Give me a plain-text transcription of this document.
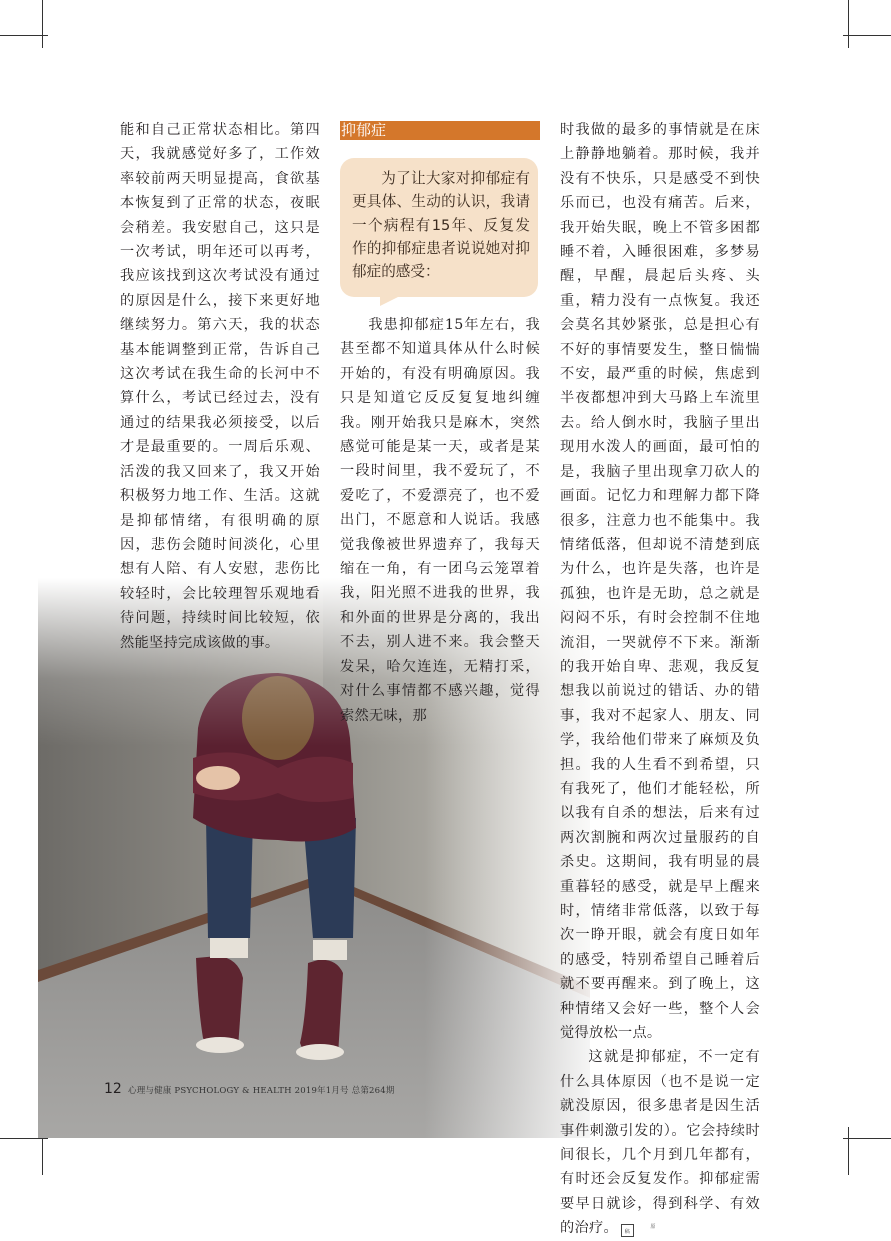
能和自己正常状态相比。第四天，我就感觉好多了，工作效率较前两天明显提高，食欲基本恢复到了正常的状态，夜眠会稍差。我安慰自己，这只是一次考试，明年还可以再考，我应该找到这次考试没有通过的原因是什么，接下来更好地继续努力。第六天，我的状态基本能调整到正常，告诉自己这次考试在我生命的长河中不算什么，考试已经过去，没有通过的结果我必须接受，以后才是最重要的。一周后乐观、活泼的我又回来了，我又开始积极努力地工作、生活。这就是抑郁情绪，有很明确的原因，悲伤会随时间淡化，心里想有人陪、有人安慰，悲伤比较轻时，会比较理智乐观地看待问题，持续时间比较短，依然能坚持完成该做的事。

抑郁症
为了让大家对抑郁症有更具体、生动的认识，我请一个病程有15年、反复发作的抑郁症患者说说她对抑郁症的感受：

我患抑郁症15年左右，我甚至都不知道具体从什么时候开始的，有没有明确原因。我只是知道它反反复复地纠缠我。刚开始我只是麻木，突然感觉可能是某一天，或者是某一段时间里，我不爱玩了，不爱吃了，不爱漂亮了，也不爱出门，不愿意和人说话。我感觉我像被世界遗弃了，我每天缩在一角，有一团乌云笼罩着我，阳光照不进我的世界，我和外面的世界是分离的，我出不去，别人进不来。我会整天发呆，哈欠连连，无精打采，对什么事情都不感兴趣，觉得索然无味，那

时我做的最多的事情就是在床上静静地躺着。那时候，我并没有不快乐，只是感受不到快乐而已，也没有痛苦。后来，我开始失眠，晚上不管多困都睡不着，入睡很困难，多梦易醒，早醒，晨起后头疼、头重，精力没有一点恢复。我还会莫名其妙紧张，总是担心有不好的事情要发生，整日惴惴不安，最严重的时候，焦虑到半夜都想冲到大马路上车流里去。给人倒水时，我脑子里出现用水泼人的画面，最可怕的是，我脑子里出现拿刀砍人的画面。记忆力和理解力都下降很多，注意力也不能集中。我情绪低落，但却说不清楚到底为什么，也许是失落，也许是孤独，也许是无助，总之就是闷闷不乐，有时会控制不住地流泪，一哭就停不下来。渐渐的我开始自卑、悲观，我反复想我以前说过的错话、办的错事，我对不起家人、朋友、同学，我给他们带来了麻烦及负担。我的人生看不到希望，只有我死了，他们才能轻松，所以我有自杀的想法，后来有过两次割腕和两次过量服药的自杀史。这期间，我有明显的晨重暮轻的感受，就是早上醒来时，情绪非常低落，以致于每次一睁开眼，就会有度日如年的感受，特别希望自己睡着后就不要再醒来。到了晚上，这种情绪又会好一些，整个人会觉得放松一点。

这就是抑郁症，不一定有什么具体原因（也不是说一定就没原因，很多患者是因生活事件刺激引发的）。它会持续时间很长，几个月到几年都有，有时还会反复发作。抑郁症需要早日就诊，得到科学、有效的治疗。	原稿

12 心理与健康 PSYCHOLOGY & HEALTH 2019年1月号 总第264期
